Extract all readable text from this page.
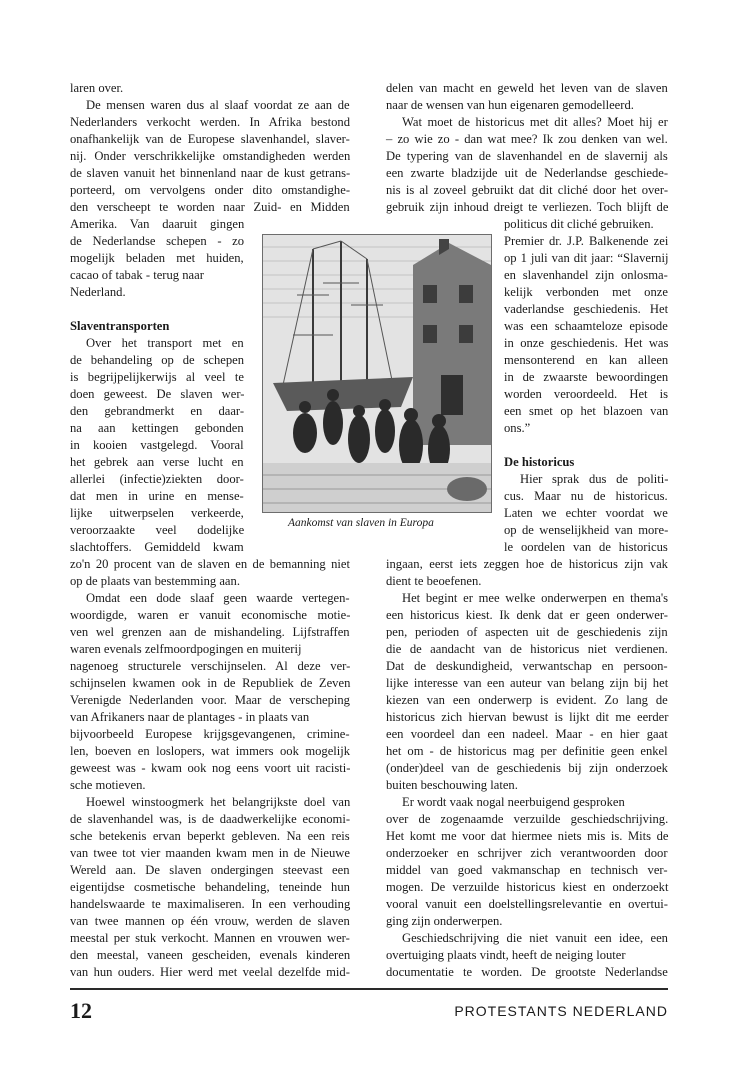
Aankomst van slaven in Europa
12	PROTESTANTS NEDERLAND
laren over.
De mensen waren dus al slaaf voordat ze aan de
Nederlanders verkocht werden. In Afrika bestond
onafhankelijk van de Europese slavenhandel, slaver-
nij. Onder verschrikkelijke omstandigheden werden
de slaven vanuit het binnenland naar de kust getrans-
porteerd, om vervolgens onder dito omstandighe-
den verscheept te worden naar Zuid- en Midden
Amerika. Van daaruit gingen
de Nederlandse schepen - zo
mogelijk beladen met huiden,
cacao of tabak - terug naar
Nederland.
Slaventransporten
Over het transport met en
de behandeling op de schepen
is begrijpelijkerwijs al veel te
doen geweest. De slaven wer-
den gebrandmerkt en daar-
na aan kettingen gebonden
in kooien vastgelegd. Vooral
het gebrek aan verse lucht en
allerlei (infectie)ziekten door-
dat men in urine en mense-
lijke uitwerpselen verkeerde,
veroorzaakte veel dodelijke
slachtoffers. Gemiddeld kwam
zo'n 20 procent van de slaven en de bemanning niet
op de plaats van bestemming aan.
Omdat een dode slaaf geen waarde vertegen-
woordigde, waren er vanuit economische motie-
ven wel grenzen aan de mishandeling. Lijfstraffen
waren evenals zelfmoordpogingen en muiterij
nagenoeg structurele verschijnselen. Al deze ver-
schijnselen kwamen ook in de Republiek de Zeven
Verenigde Nederlanden voor. Maar de verscheping
van Afrikaners naar de plantages - in plaats van
bijvoorbeeld Europese krijgsgevangenen, crimine-
len, boeven en loslopers, wat immers ook mogelijk
geweest was - kwam ook nog eens voort uit racisti-
sche motieven.
Hoewel winstoogmerk het belangrijkste doel van
de slavenhandel was, is de daadwerkelijke economi-
sche betekenis ervan beperkt gebleven. Na een reis
van twee tot vier maanden kwam men in de Nieuwe
Wereld aan. De slaven ondergingen steevast een
eigentijdse cosmetische behandeling, teneinde hun
handelswaarde te maximaliseren. In een verhouding
van twee mannen op één vrouw, werden de slaven
meestal per stuk verkocht. Mannen en vrouwen wer-
den meestal, vaneen gescheiden, evenals kinderen
van hun ouders. Hier werd met veelal dezelfde mid-
delen van macht en geweld het leven van de slaven
naar de wensen van hun eigenaren gemodelleerd.
Wat moet de historicus met dit alles? Moet hij er
– zo wie zo - dan wat mee? Ik zou denken van wel.
De typering van de slavenhandel en de slavernij als
een zwarte bladzijde uit de Nederlandse geschiede-
nis is al zoveel gebruikt dat dit cliché door het over-
gebruik zijn inhoud dreigt te verliezen. Toch blijft de
politicus dit cliché gebruiken.
Premier dr. J.P. Balkenende zei
op 1 juli van dit jaar: “Slavernij
en slavenhandel zijn onlosma-
kelijk verbonden met onze
vaderlandse geschiedenis. Het
was een schaamteloze episode
in onze geschiedenis. Het was
mensonterend en kan alleen
in de zwaarste bewoordingen
worden veroordeeld. Het is
een smet op het blazoen van
ons.”
De historicus
Hier sprak dus de politi-
cus. Maar nu de historicus.
Laten we echter voordat we
op de wenselijkheid van more-
le oordelen van de historicus
ingaan, eerst iets zeggen hoe de historicus zijn vak
dient te beoefenen.
Het begint er mee welke onderwerpen en thema's
een historicus kiest. Ik denk dat er geen onderwer-
pen, perioden of aspecten uit de geschiedenis zijn
die de aandacht van de historicus niet verdienen.
Dat de deskundigheid, verwantschap en persoon-
lijke interesse van een auteur van belang zijn bij het
kiezen van een onderwerp is evident. Zo lang de
historicus zich hiervan bewust is lijkt dit me eerder
een voordeel dan een nadeel. Maar - en hier gaat
het om - de historicus mag per definitie geen enkel
(onder)deel van de geschiedenis bij zijn onderzoek
buiten beschouwing laten.
Er wordt vaak nogal neerbuigend gesproken
over de zogenaamde verzuilde geschiedschrijving.
Het komt me voor dat hiermee niets mis is. Mits de
onderzoeker en schrijver zich verantwoorden door
middel van goed vakmanschap en technisch ver-
mogen. De verzuilde historicus kiest en onderzoekt
vooral vanuit een doelstellingsrelevantie en overtui-
ging zijn onderwerpen.
Geschiedschrijving die niet vanuit een idee, een
overtuiging plaats vindt, heeft de neiging louter
documentatie te worden. De grootste Nederlandse
